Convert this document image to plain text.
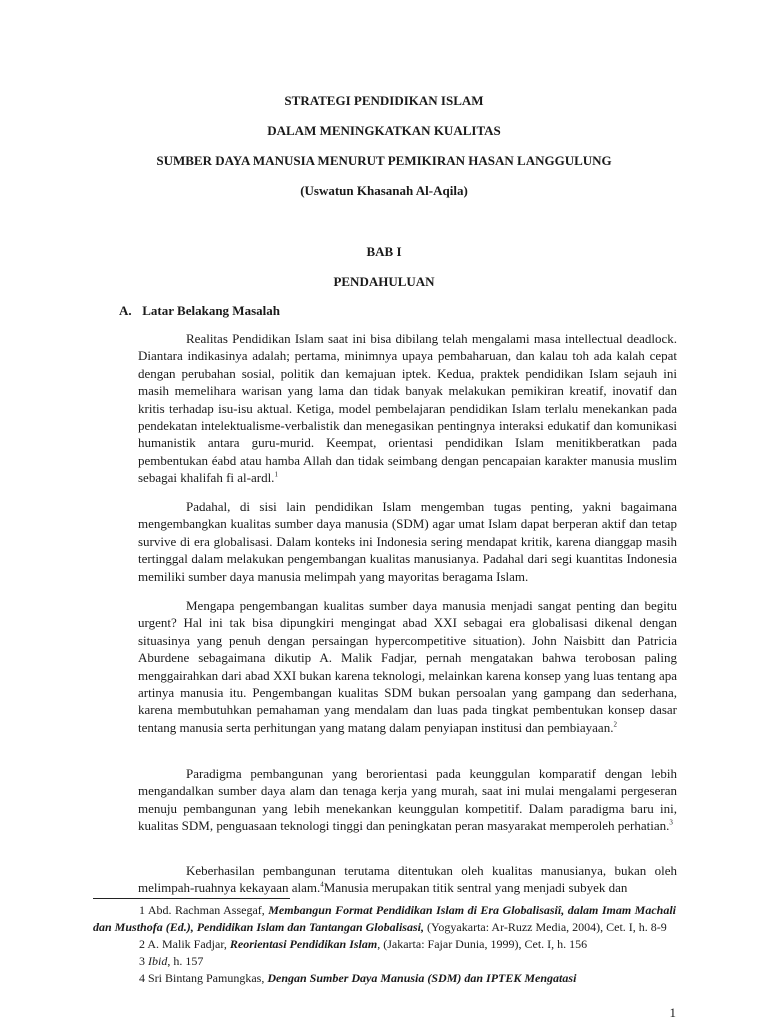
STRATEGI PENDIDIKAN ISLAM
DALAM MENINGKATKAN KUALITAS
SUMBER DAYA MANUSIA MENURUT PEMIKIRAN HASAN LANGGULUNG
(Uswatun Khasanah Al-Aqila)
BAB I
PENDAHULUAN
A. Latar Belakang Masalah

Realitas Pendidikan Islam saat ini bisa dibilang telah mengalami masa intellectual deadlock. Diantara indikasinya adalah; pertama, minimnya upaya pembaharuan, dan kalau toh ada kalah cepat dengan perubahan sosial, politik dan kemajuan iptek. Kedua, praktek pendidikan Islam sejauh ini masih memelihara warisan yang lama dan tidak banyak melakukan pemikiran kreatif, inovatif dan kritis terhadap isu-isu aktual. Ketiga, model pembelajaran pendidikan Islam terlalu menekankan pada pendekatan intelektualisme-verbalistik dan menegasikan pentingnya interaksi edukatif dan komunikasi humanistik antara guru-murid. Keempat, orientasi pendidikan Islam menitikberatkan pada pembentukan éabd atau hamba Allah dan tidak seimbang dengan pencapaian karakter manusia muslim sebagai khalifah fi al-ardl.$^1$

Padahal, di sisi lain pendidikan Islam mengemban tugas penting, yakni bagaimana mengembangkan kualitas sumber daya manusia (SDM) agar umat Islam dapat berperan aktif dan tetap survive di era globalisasi. Dalam konteks ini Indonesia sering mendapat kritik, karena dianggap masih tertinggal dalam melakukan pengembangan kualitas manusianya. Padahal dari segi kuantitas Indonesia memiliki sumber daya manusia melimpah yang mayoritas beragama Islam.

Mengapa pengembangan kualitas sumber daya manusia menjadi sangat penting dan begitu urgent? Hal ini tak bisa dipungkiri mengingat abad XXI sebagai era globalisasi dikenal dengan situasinya yang penuh dengan persaingan hypercompetitive situation). John Naisbitt dan Patricia Aburdene sebagaimana dikutip A. Malik Fadjar, pernah mengatakan bahwa terobosan paling menggairahkan dari abad XXI bukan karena teknologi, melainkan karena konsep yang luas tentang apa artinya manusia itu. Pengembangan kualitas SDM bukan persoalan yang gampang dan sederhana, karena membutuhkan pemahaman yang mendalam dan luas pada tingkat pembentukan konsep dasar tentang manusia serta perhitungan yang matang dalam penyiapan institusi dan pembiayaan.$^2$

Paradigma pembangunan yang berorientasi pada keunggulan komparatif dengan lebih mengandalkan sumber daya alam dan tenaga kerja yang murah, saat ini mulai mengalami pergeseran menuju pembangunan yang lebih menekankan keunggulan kompetitif. Dalam paradigma baru ini, kualitas SDM, penguasaan teknologi tinggi dan peningkatan peran masyarakat memperoleh perhatian.$^3$

Keberhasilan pembangunan terutama ditentukan oleh kualitas manusianya, bukan oleh melimpah-ruahnya kekayaan alam.$^4$Manusia merupakan titik sentral yang menjadi subyek dan

1 Abd. Rachman Assegaf, Membangun Format Pendidikan Islam di Era Globalisasiî, dalam Imam Machali dan Musthofa (Ed.), Pendidikan Islam dan Tantangan Globalisasi, (Yogyakarta: Ar-Ruzz Media, 2004), Cet. I, h. 8-9

2 A. Malik Fadjar, Reorientasi Pendidikan Islam, (Jakarta: Fajar Dunia, 1999), Cet. I, h. 156

3 Ibid, h. 157

4 Sri Bintang Pamungkas, Dengan Sumber Daya Manusia (SDM) dan IPTEK Mengatasi

1
